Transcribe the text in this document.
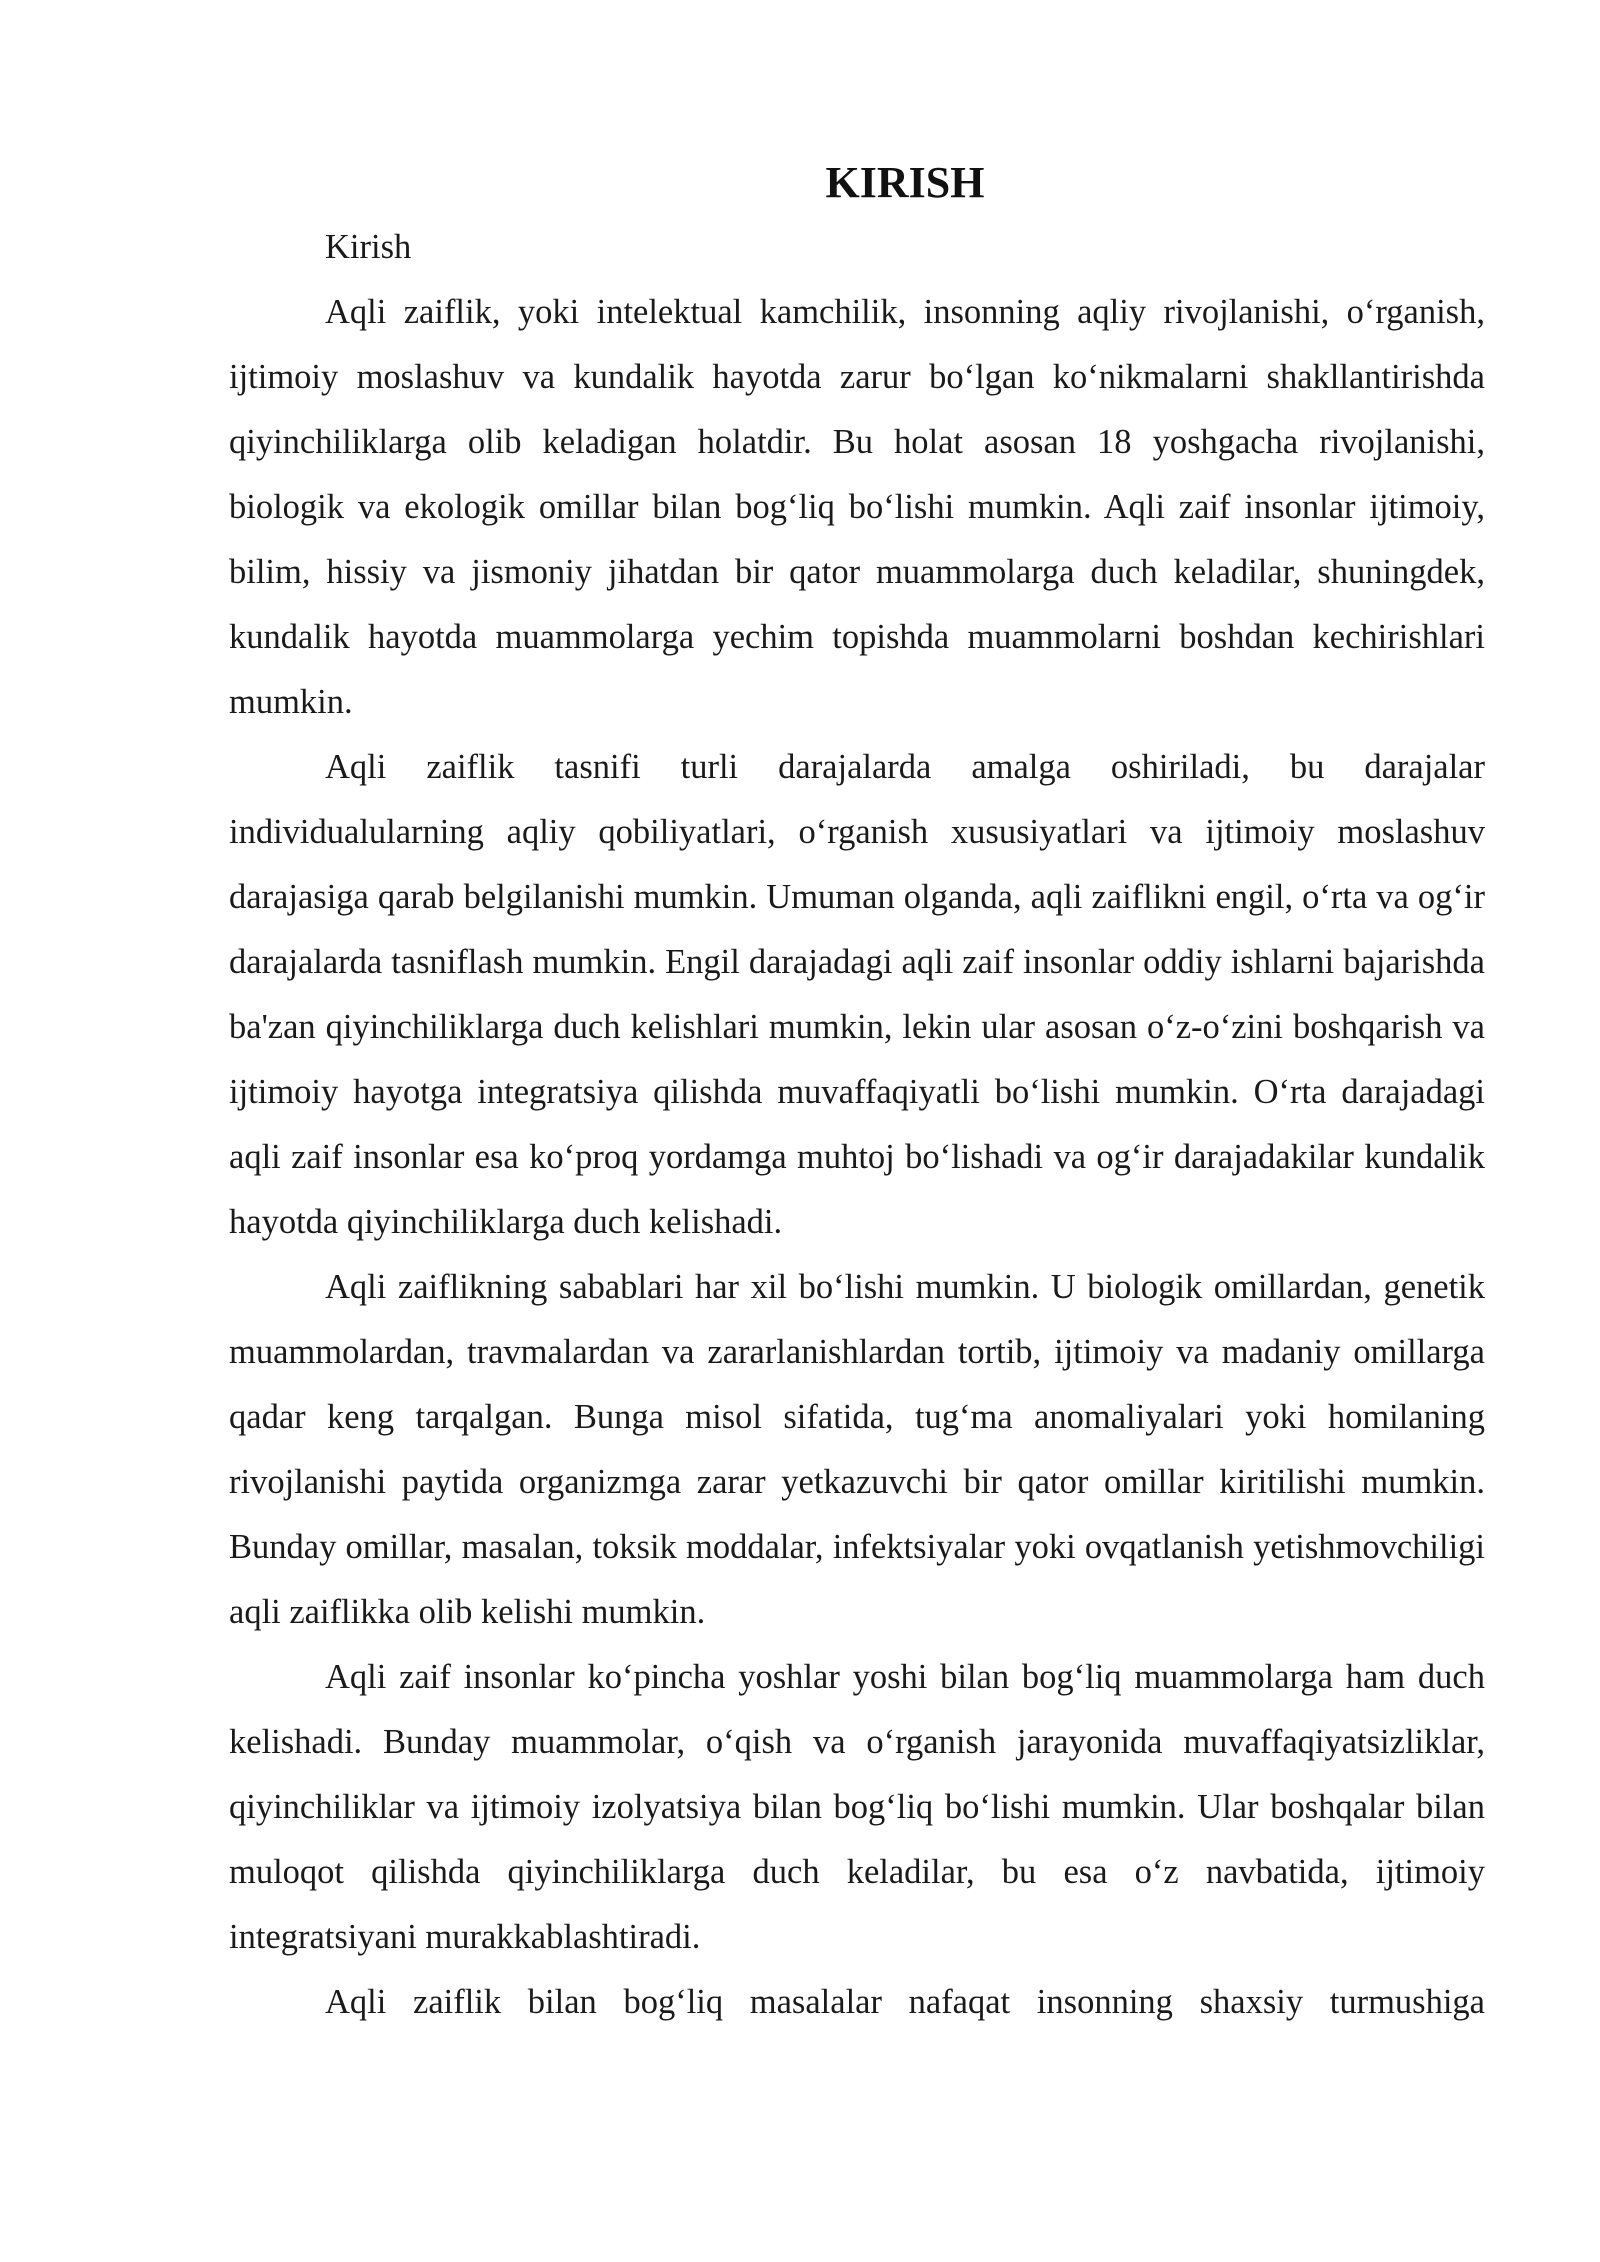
KIRISH

Kirish

Aqli zaiflik, yoki intelektual kamchilik, insonning aqliy rivojlanishi, o‘rganish, ijtimoiy moslashuv va kundalik hayotda zarur bo‘lgan ko‘nikmalarni shakllantirishda qiyinchiliklarga olib keladigan holatdir. Bu holat asosan 18 yoshgacha rivojlanishi, biologik va ekologik omillar bilan bog‘liq bo‘lishi mumkin. Aqli zaif insonlar ijtimoiy, bilim, hissiy va jismoniy jihatdan bir qator muammolarga duch keladilar, shuningdek, kundalik hayotda muammolarga yechim topishda muammolarni boshdan kechirishlari mumkin.

Aqli zaiflik tasnifi turli darajalarda amalga oshiriladi, bu darajalar individualularning aqliy qobiliyatlari, o‘rganish xususiyatlari va ijtimoiy moslashuv darajasiga qarab belgilanishi mumkin. Umuman olganda, aqli zaiflikni engil, o‘rta va og‘ir darajalarda tasniflash mumkin. Engil darajadagi aqli zaif insonlar oddiy ishlarni bajarishda ba'zan qiyinchiliklarga duch kelishlari mumkin, lekin ular asosan o‘z-o‘zini boshqarish va ijtimoiy hayotga integratsiya qilishda muvaffaqiyatli bo‘lishi mumkin. O‘rta darajadagi aqli zaif insonlar esa ko‘proq yordamga muhtoj bo‘lishadi va og‘ir darajadakilar kundalik hayotda qiyinchiliklarga duch kelishadi.

Aqli zaiflikning sabablari har xil bo‘lishi mumkin. U biologik omillardan, genetik muammolardan, travmalardan va zararlanishlardan tortib, ijtimoiy va madaniy omillarga qadar keng tarqalgan. Bunga misol sifatida, tug‘ma anomaliyalari yoki homilaning rivojlanishi paytida organizmga zarar yetkazuvchi bir qator omillar kiritilishi mumkin. Bunday omillar, masalan, toksik moddalar, infektsiyalar yoki ovqatlanish yetishmovchiligi aqli zaiflikka olib kelishi mumkin.

Aqli zaif insonlar ko‘pincha yoshlar yoshi bilan bog‘liq muammolarga ham duch kelishadi. Bunday muammolar, o‘qish va o‘rganish jarayonida muvaffaqiyatsizliklar, qiyinchiliklar va ijtimoiy izolyatsiya bilan bog‘liq bo‘lishi mumkin. Ular boshqalar bilan muloqot qilishda qiyinchiliklarga duch keladilar, bu esa o‘z navbatida, ijtimoiy integratsiyani murakkablashtiradi.

Aqli zaiflik bilan bog‘liq masalalar nafaqat insonning shaxsiy turmushiga
